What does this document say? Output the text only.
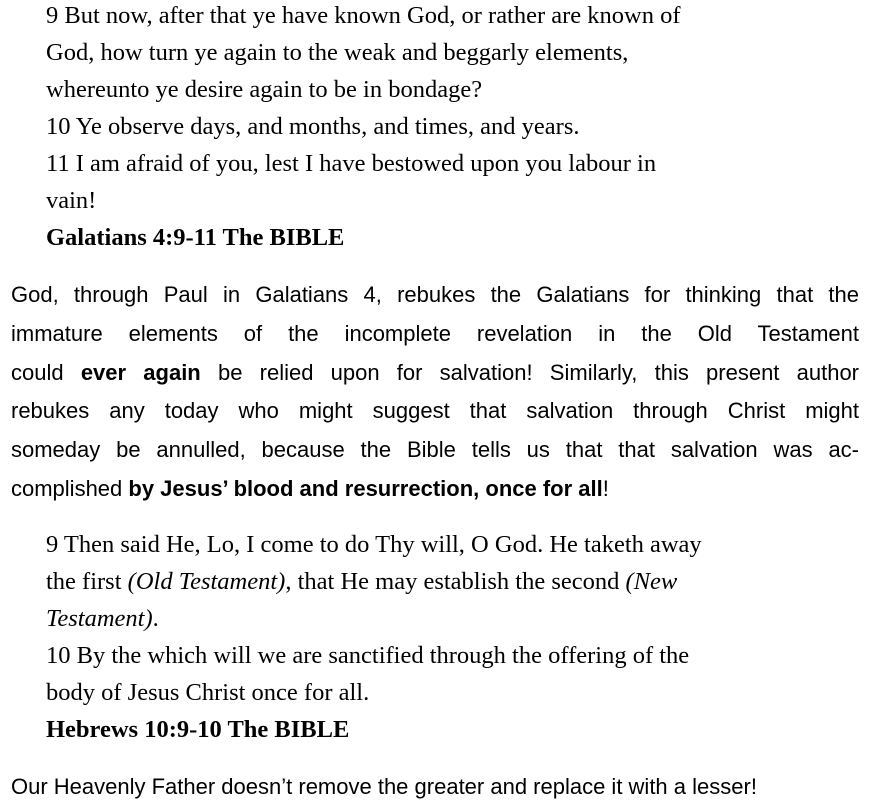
9 But now, after that ye have known God, or rather are known of
God, how turn ye again to the weak and beggarly elements,
whereunto ye desire again to be in bondage?
10 Ye observe days, and months, and times, and years.
11 I am afraid of you, lest I have bestowed upon you labour in
vain!
Galatians 4:9-11 The BIBLE
God, through Paul in Galatians 4, rebukes the Galatians for thinking that the
immature elements of the incomplete revelation in the Old Testament
could ever again be relied upon for salvation! Similarly, this present author
rebukes any today who might suggest that salvation through Christ might
someday be annulled, because the Bible tells us that that salvation was ac-
complished by Jesus’ blood and resurrection, once for all!
9 Then said He, Lo, I come to do Thy will, O God. He taketh away
the first (Old Testament), that He may establish the second (New
Testament).
10 By the which will we are sanctified through the offering of the
body of Jesus Christ once for all.
Hebrews 10:9-10 The BIBLE
Our Heavenly Father doesn’t remove the greater and replace it with a lesser!
